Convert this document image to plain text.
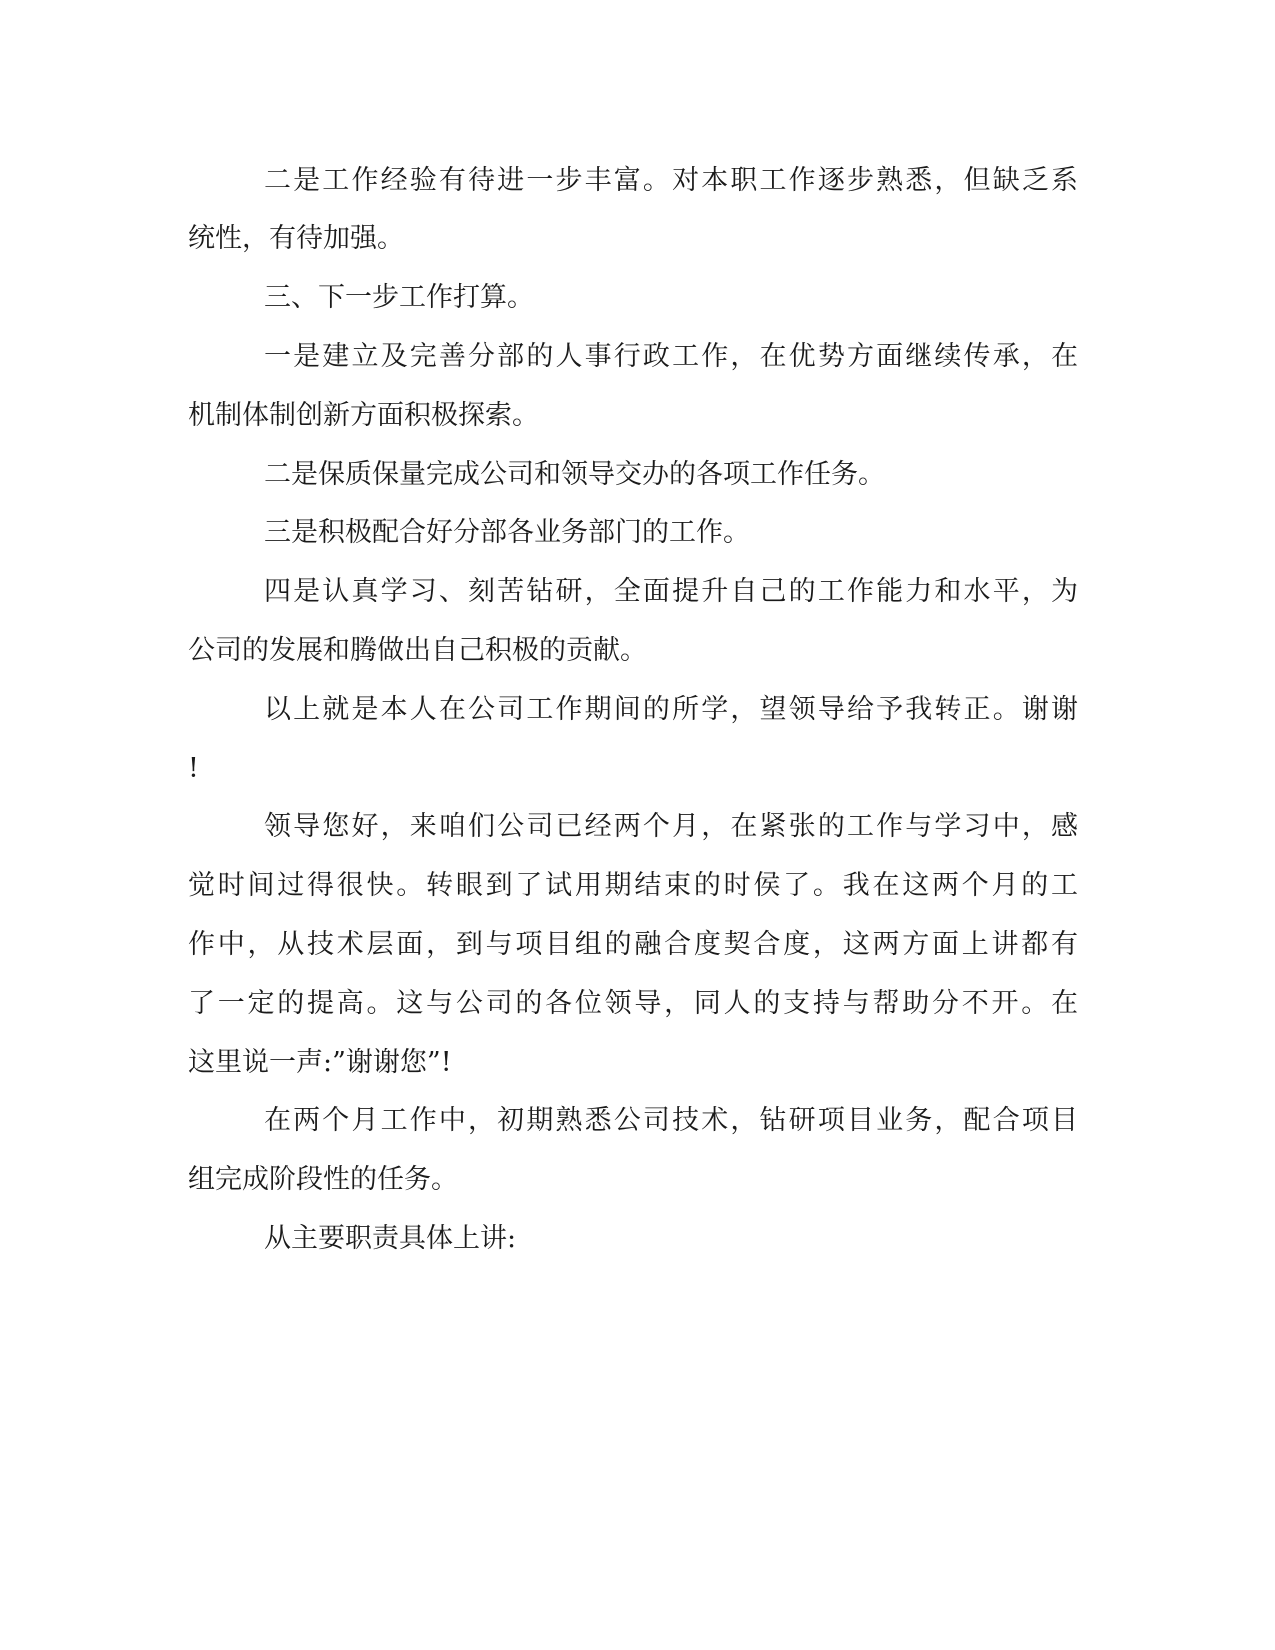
二是工作经验有待进一步丰富。对本职工作逐步熟悉，但缺乏系
统性，有待加强。
三、下一步工作打算。
一是建立及完善分部的人事行政工作，在优势方面继续传承，在
机制体制创新方面积极探索。
二是保质保量完成公司和领导交办的各项工作任务。
三是积极配合好分部各业务部门的工作。
四是认真学习、刻苦钻研，全面提升自己的工作能力和水平，为
公司的发展和腾做出自己积极的贡献。
以上就是本人在公司工作期间的所学，望领导给予我转正。谢谢
!
领导您好，来咱们公司已经两个月，在紧张的工作与学习中，感
觉时间过得很快。转眼到了试用期结束的时侯了。我在这两个月的工
作中，从技术层面，到与项目组的融合度契合度，这两方面上讲都有
了一定的提高。这与公司的各位领导，同人的支持与帮助分不开。在
这里说一声:”谢谢您”!
在两个月工作中，初期熟悉公司技术，钻研项目业务，配合项目
组完成阶段性的任务。
从主要职责具体上讲:
